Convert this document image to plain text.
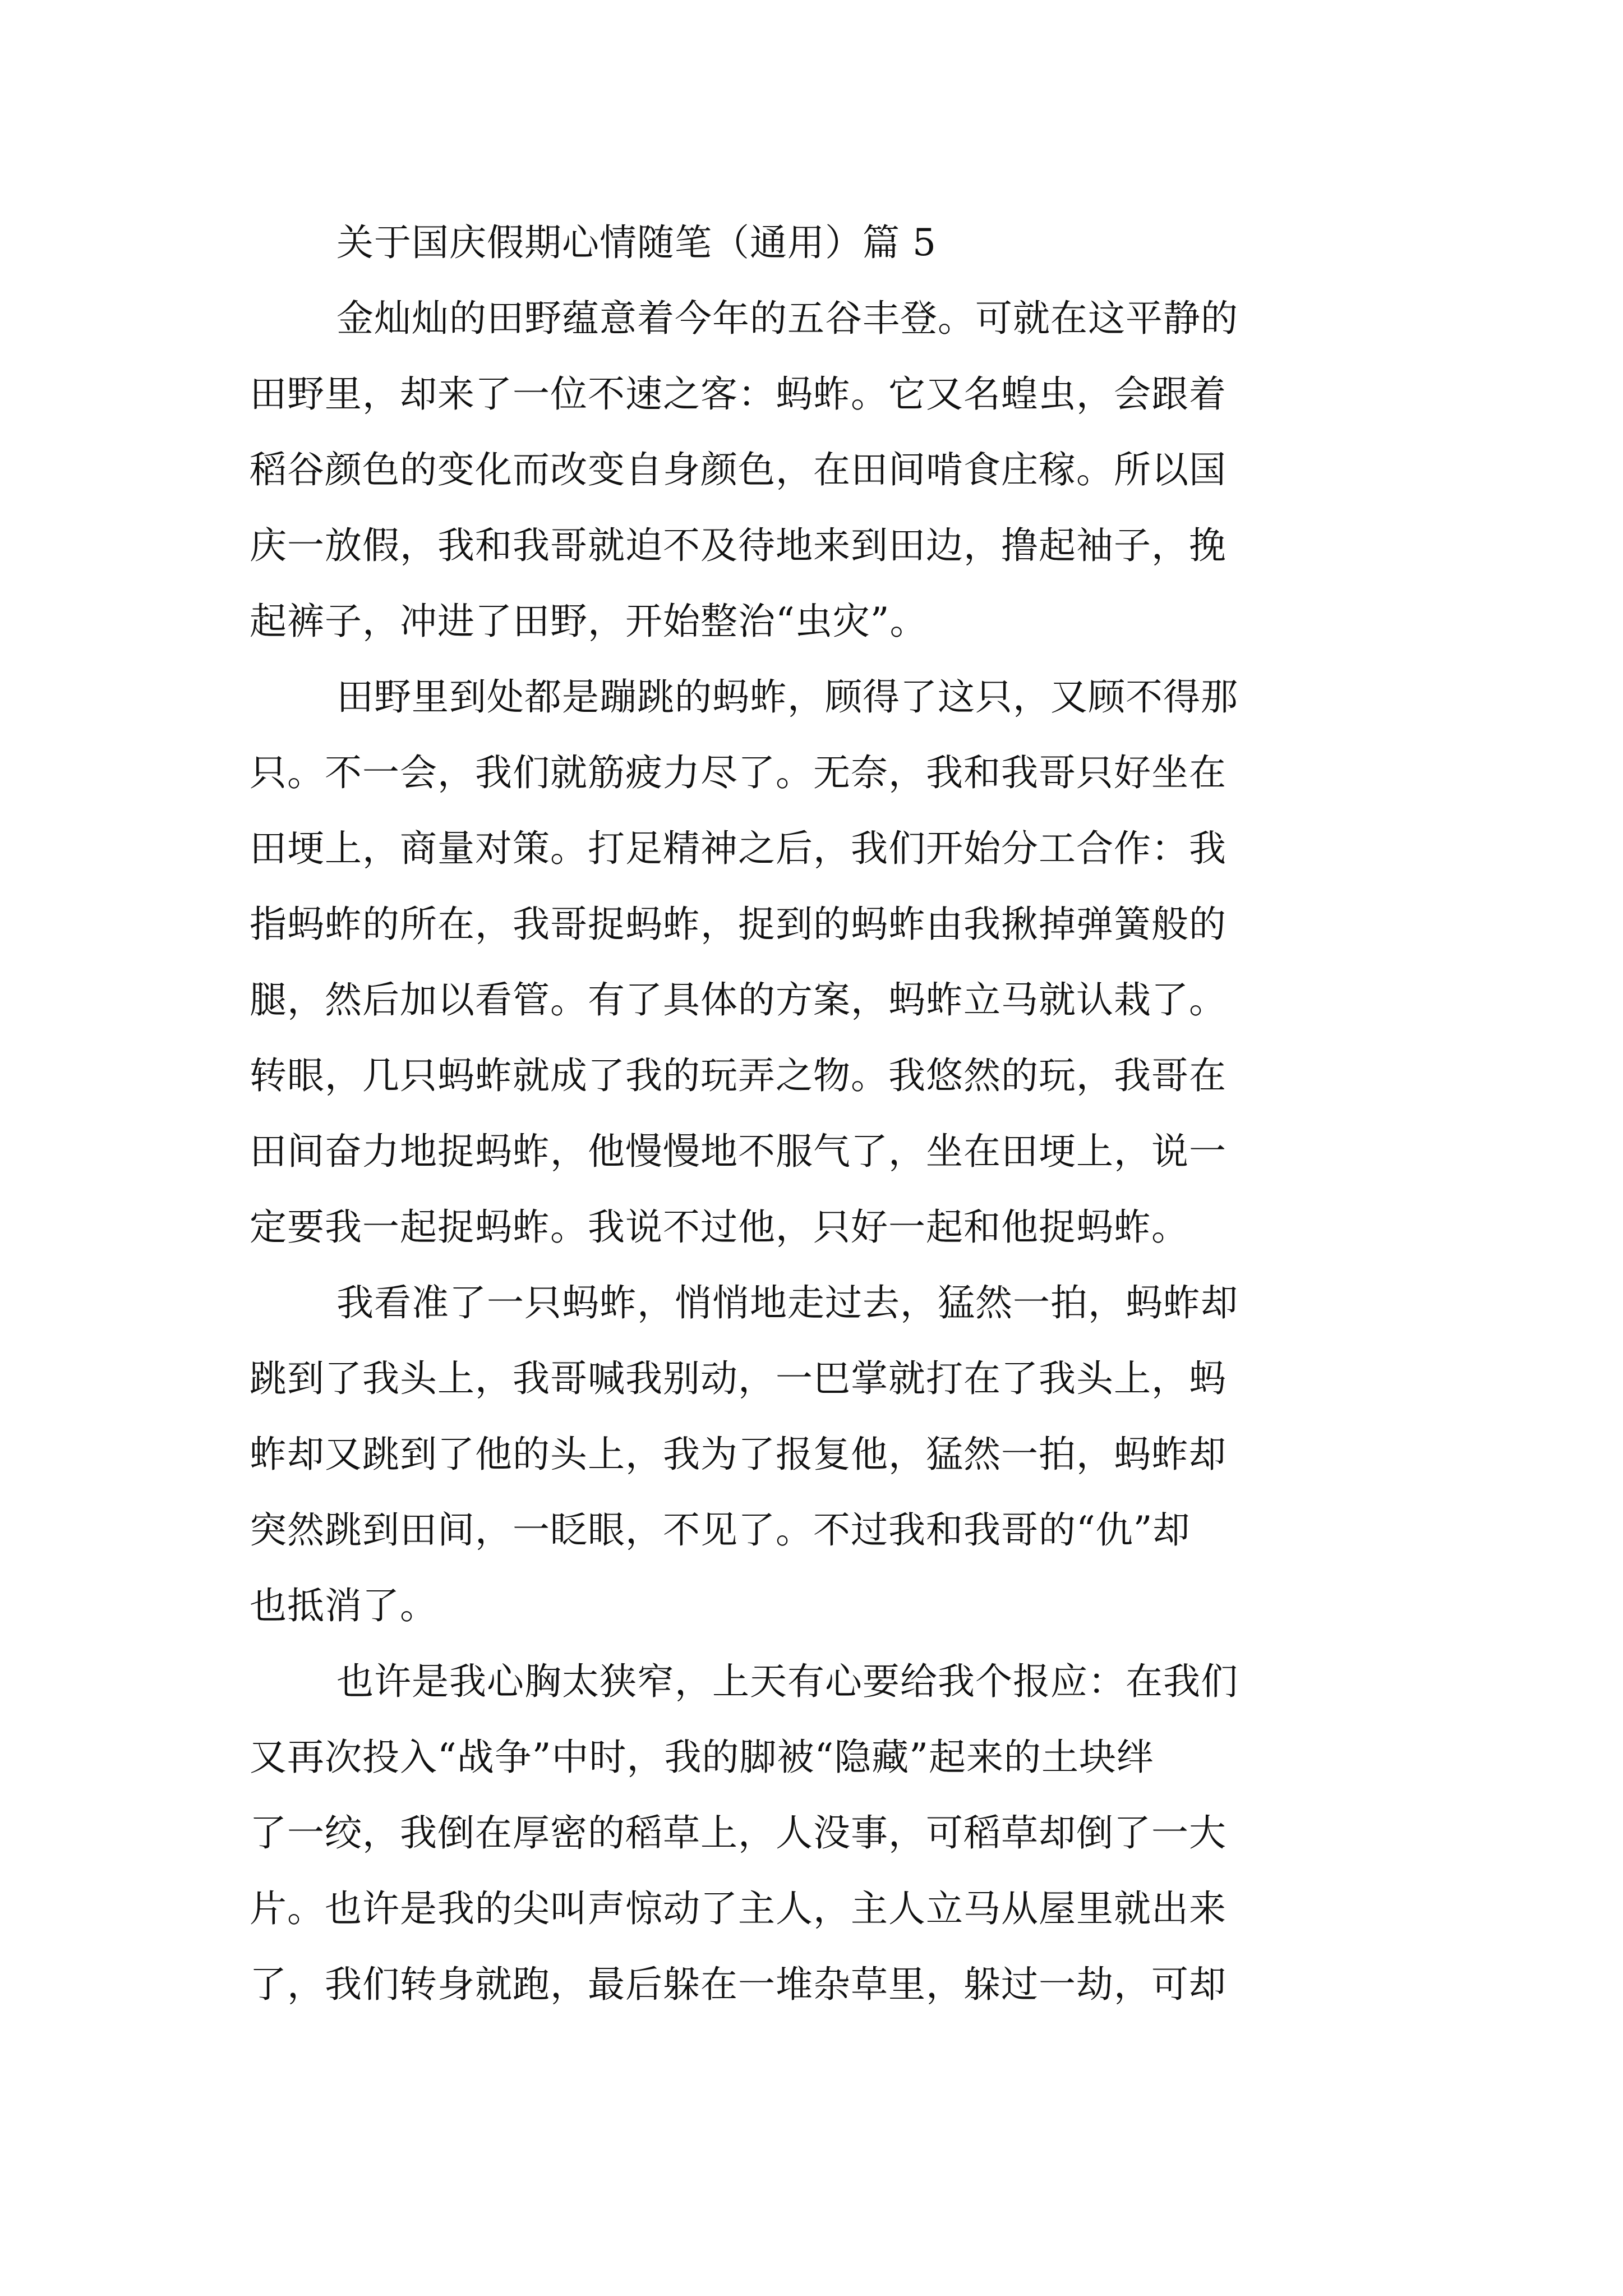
关于国庆假期心情随笔（通用）篇 5
金灿灿的田野蕴意着今年的五谷丰登。可就在这平静的
田野里，却来了一位不速之客：蚂蚱。它又名蝗虫，会跟着
稻谷颜色的变化而改变自身颜色，在田间啃食庄稼。所以国
庆一放假，我和我哥就迫不及待地来到田边，撸起袖子，挽
起裤子，冲进了田野，开始整治“虫灾”。
田野里到处都是蹦跳的蚂蚱，顾得了这只，又顾不得那
只。不一会，我们就筋疲力尽了。无奈，我和我哥只好坐在
田埂上，商量对策。打足精神之后，我们开始分工合作：我
指蚂蚱的所在，我哥捉蚂蚱，捉到的蚂蚱由我揪掉弹簧般的
腿，然后加以看管。有了具体的方案，蚂蚱立马就认栽了。
转眼，几只蚂蚱就成了我的玩弄之物。我悠然的玩，我哥在
田间奋力地捉蚂蚱，他慢慢地不服气了，坐在田埂上，说一
定要我一起捉蚂蚱。我说不过他，只好一起和他捉蚂蚱。
我看准了一只蚂蚱，悄悄地走过去，猛然一拍，蚂蚱却
跳到了我头上，我哥喊我别动，一巴掌就打在了我头上，蚂
蚱却又跳到了他的头上，我为了报复他，猛然一拍，蚂蚱却
突然跳到田间，一眨眼，不见了。不过我和我哥的“仇”却
也抵消了。
也许是我心胸太狭窄，上天有心要给我个报应：在我们
又再次投入“战争”中时，我的脚被“隐藏”起来的土块绊
了一绞，我倒在厚密的稻草上，人没事，可稻草却倒了一大
片。也许是我的尖叫声惊动了主人，主人立马从屋里就出来
了，我们转身就跑，最后躲在一堆杂草里，躲过一劫，可却
